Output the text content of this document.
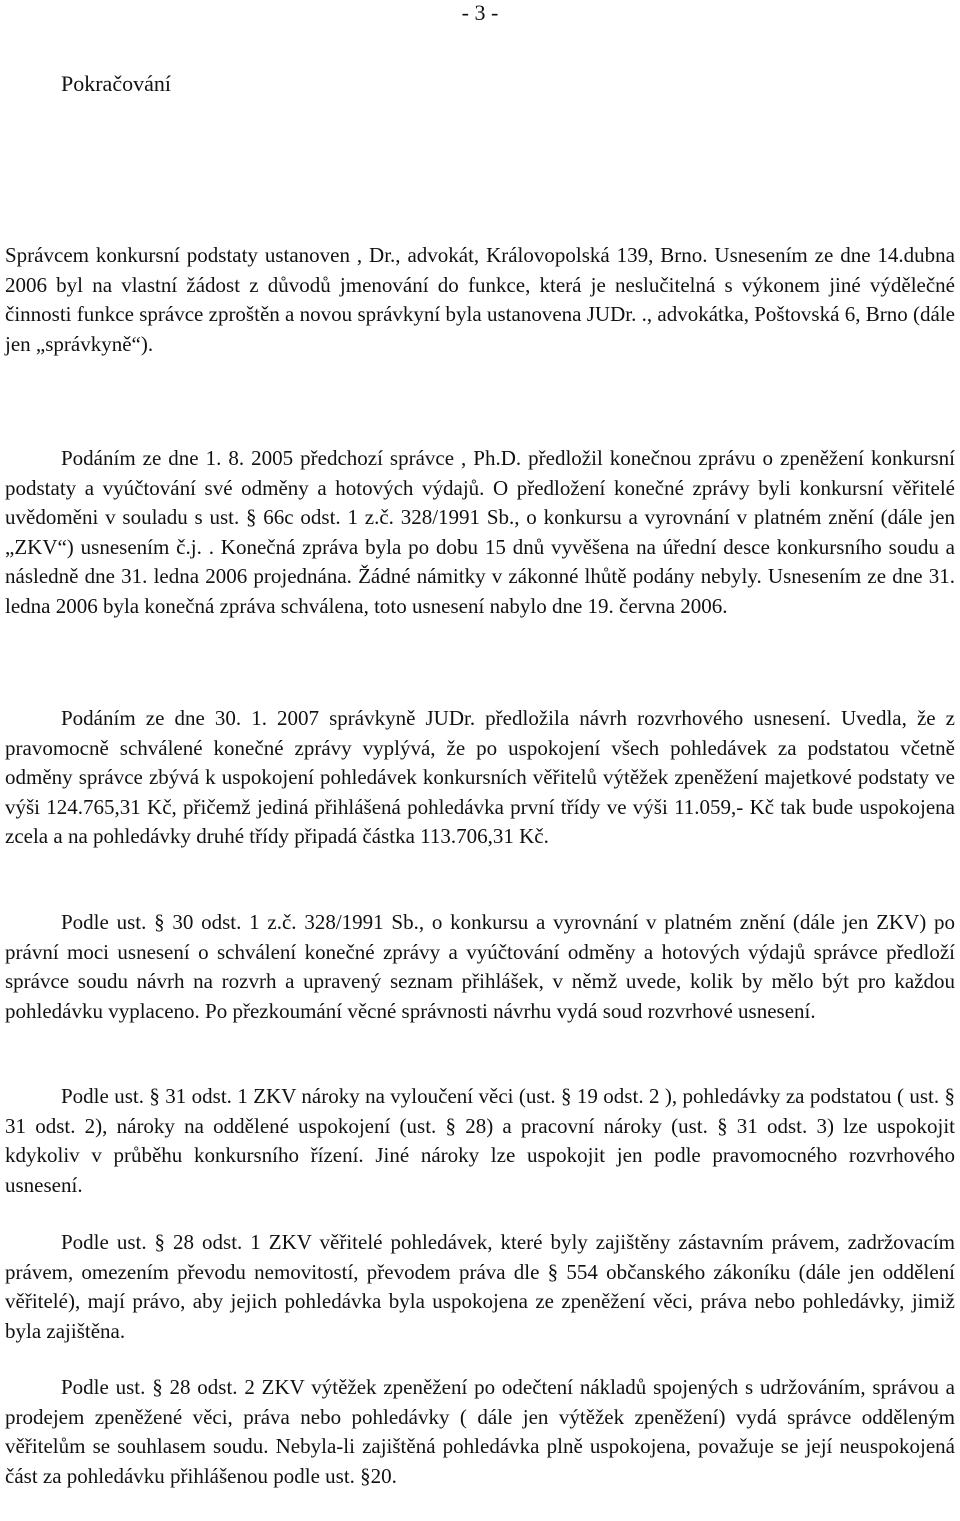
- 3 -
Pokračování

Správcem konkursní podstaty ustanoven , Dr., advokát, Královopolská 139, Brno. Usnesením ze dne 14.dubna 2006 byl na vlastní žádost z důvodů jmenování do funkce, která je neslučitelná s výkonem jiné výdělečné činnosti funkce správce zproštěn a novou správkyní byla ustanovena JUDr. ., advokátka, Poštovská 6, Brno (dále jen „správkyně“).

Podáním ze dne 1. 8. 2005 předchozí správce , Ph.D. předložil konečnou zprávu o zpeněžení konkursní podstaty a vyúčtování své odměny a hotových výdajů. O předložení konečné zprávy byli konkursní věřitelé uvědoměni v souladu s ust. § 66c odst. 1 z.č. 328/1991 Sb., o konkursu a vyrovnání v platném znění (dále jen „ZKV“) usnesením č.j. . Konečná zpráva byla po dobu 15 dnů vyvěšena na úřední desce konkursního soudu a následně dne 31. ledna 2006 projednána. Žádné námitky v zákonné lhůtě podány nebyly. Usnesením ze dne 31. ledna 2006 byla konečná zpráva schválena, toto usnesení nabylo dne 19. června 2006.

Podáním ze dne 30. 1. 2007 správkyně JUDr. předložila návrh rozvrhového usnesení. Uvedla, že z pravomocně schválené konečné zprávy vyplývá, že po uspokojení všech pohledávek za podstatou včetně odměny správce zbývá k uspokojení pohledávek konkursních věřitelů výtěžek zpeněžení majetkové podstaty ve výši 124.765,31 Kč, přičemž jediná přihlášená pohledávka první třídy ve výši 11.059,- Kč tak bude uspokojena zcela a na pohledávky druhé třídy připadá částka 113.706,31 Kč.

Podle ust. § 30 odst. 1 z.č. 328/1991 Sb., o konkursu a vyrovnání v platném znění (dále jen ZKV) po právní moci usnesení o schválení konečné zprávy a vyúčtování odměny a hotových výdajů správce předloží správce soudu návrh na rozvrh a upravený seznam přihlášek, v němž uvede, kolik by mělo být pro každou pohledávku vyplaceno. Po přezkoumání věcné správnosti návrhu vydá soud rozvrhové usnesení.

Podle ust. § 31 odst. 1 ZKV nároky na vyloučení věci (ust. § 19 odst. 2 ), pohledávky za podstatou ( ust. § 31 odst. 2), nároky na oddělené uspokojení (ust. § 28) a pracovní nároky (ust. § 31 odst. 3) lze uspokojit kdykoliv v průběhu konkursního řízení. Jiné nároky lze uspokojit jen podle pravomocného rozvrhového usnesení.

Podle ust. § 28 odst. 1 ZKV věřitelé pohledávek, které byly zajištěny zástavním právem, zadržovacím právem, omezením převodu nemovitostí, převodem práva dle § 554 občanského zákoníku (dále jen oddělení věřitelé), mají právo, aby jejich pohledávka byla uspokojena ze zpeněžení věci, práva nebo pohledávky, jimiž byla zajištěna.

Podle ust. § 28 odst. 2 ZKV výtěžek zpeněžení po odečtení nákladů spojených s udržováním, správou a prodejem zpeněžené věci, práva nebo pohledávky ( dále jen výtěžek zpeněžení) vydá správce odděleným věřitelům se souhlasem soudu. Nebyla-li zajištěná pohledávka plně uspokojena, považuje se její neuspokojená část za pohledávku přihlášenou podle ust. §20.
